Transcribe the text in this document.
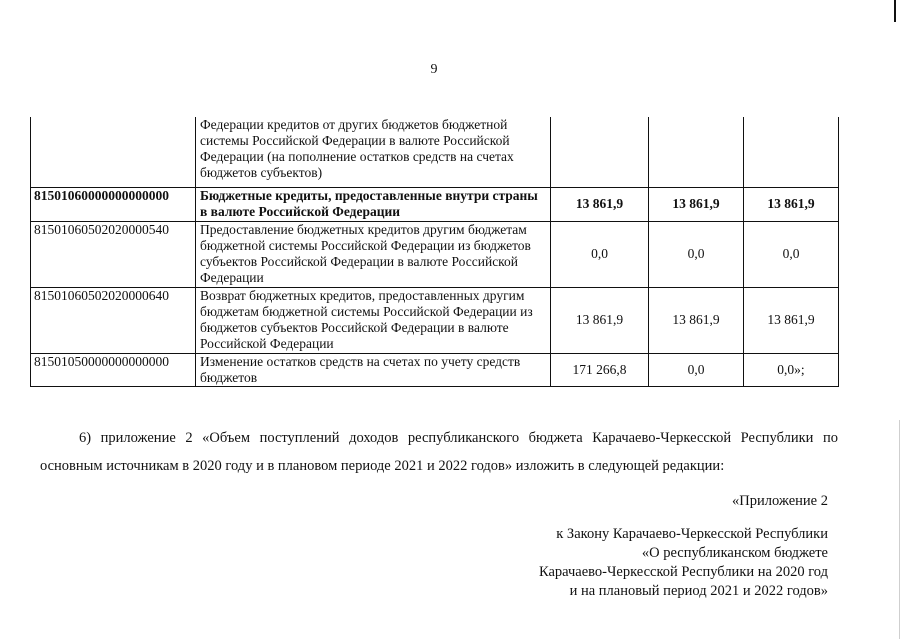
9
	Федерации кредитов от других бюджетов бюджетной системы Российской Федерации в валюте Российской Федерации (на пополнение остатков средств на счетах бюджетов субъектов)			
81501060000000000000	Бюджетные кредиты, предоставленные внутри страны в валюте Российской Федерации	13 861,9	13 861,9	13 861,9
81501060502020000540	Предоставление бюджетных кредитов другим бюджетам бюджетной системы Российской Федерации из бюджетов субъектов Российской Федерации в валюте Российской Федерации	0,0	0,0	0,0
81501060502020000640	Возврат бюджетных кредитов, предоставленных другим бюджетам бюджетной системы Российской Федерации из бюджетов субъектов Российской Федерации в валюте Российской Федерации	13 861,9	13 861,9	13 861,9
81501050000000000000	Изменение остатков средств на счетах по учету средств бюджетов	171 266,8	0,0	0,0»;
6) приложение 2 «Объем поступлений доходов республиканского бюджета Карачаево-Черкесской Республики по основным источникам в 2020 году и в плановом периоде 2021 и 2022 годов» изложить в следующей редакции:
«Приложение 2
к Закону Карачаево-Черкесской Республики
«О республиканском бюджете
Карачаево-Черкесской Республики на 2020 год
и на плановый период 2021 и 2022 годов»
